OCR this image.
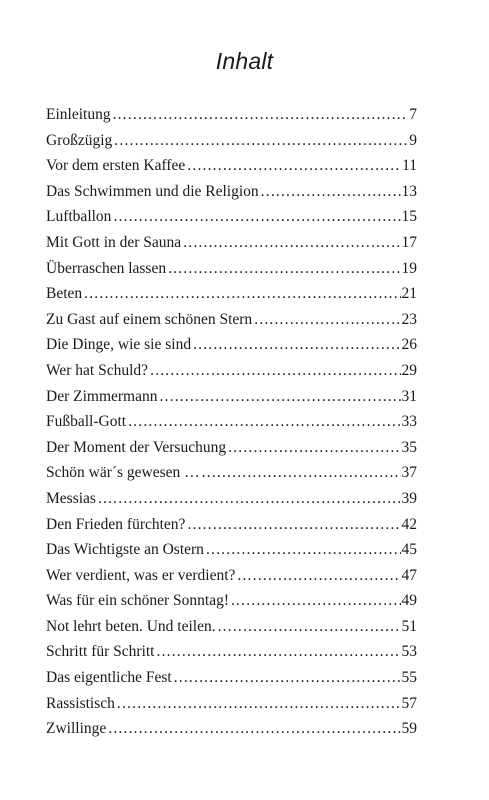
Inhalt
Einleitung .....	7
Großzügig .....	9
Vor dem ersten Kaffee .....	11
Das Schwimmen und die Religion .....	13
Luftballon .....	15
Mit Gott in der Sauna .....	17
Überraschen lassen .....	19
Beten .....	21
Zu Gast auf einem schönen Stern .....	23
Die Dinge, wie sie sind .....	26
Wer hat Schuld? .....	29
Der Zimmermann .....	31
Fußball-Gott .....	33
Der Moment der Versuchung .....	35
Schön wär´s gewesen … .....	37
Messias .....	39
Den Frieden fürchten? .....	42
Das Wichtigste an Ostern .....	45
Wer verdient, was er verdient? .....	47
Was für ein schöner Sonntag! .....	49
Not lehrt beten. Und teilen. .....	51
Schritt für Schritt .....	53
Das eigentliche Fest .....	55
Rassistisch .....	57
Zwillinge .....	59
